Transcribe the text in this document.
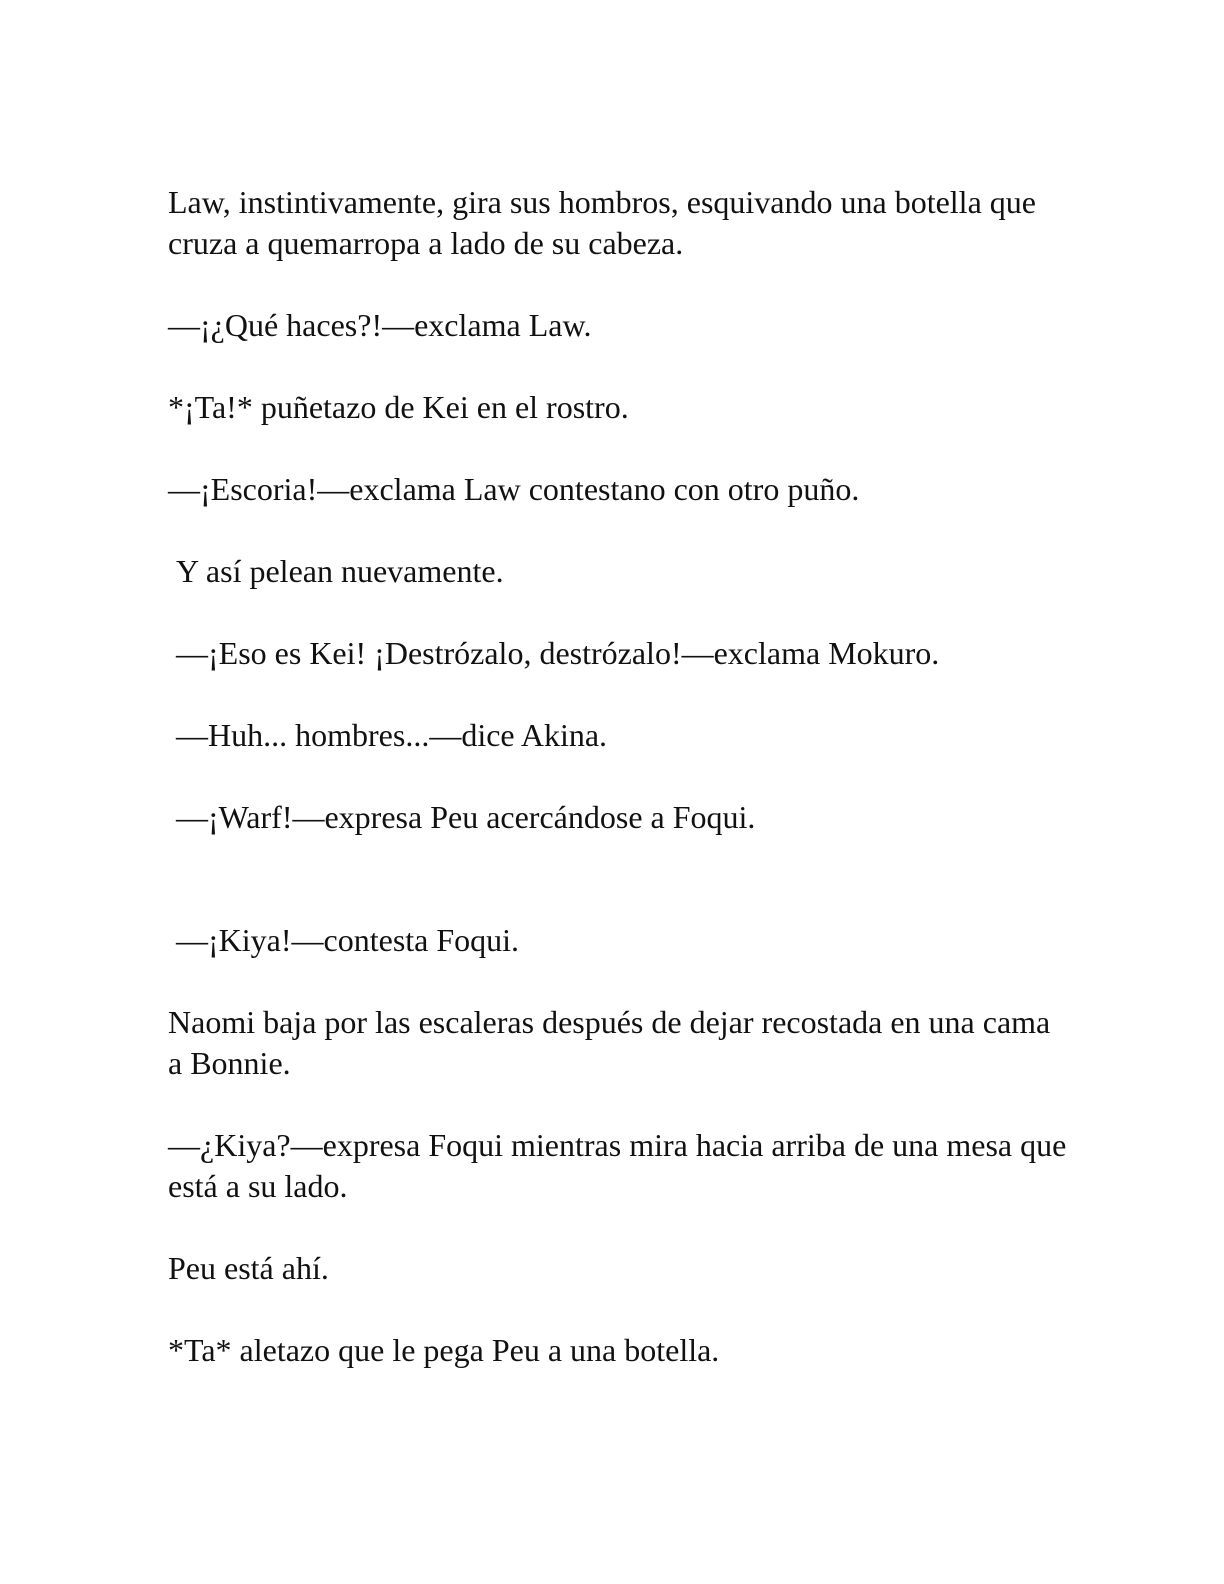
Law, instintivamente, gira sus hombros, esquivando una botella que cruza a quemarropa a lado de su cabeza.

—¡¿Qué haces?!—exclama Law.

*¡Ta!* puñetazo de Kei en el rostro.

—¡Escoria!—exclama Law contestano con otro puño.

Y así pelean nuevamente.

—¡Eso es Kei! ¡Destrózalo, destrózalo!—exclama Mokuro.

—Huh... hombres...—dice Akina.

—¡Warf!—expresa Peu acercándose a Foqui.

—¡Kiya!—contesta Foqui.

Naomi baja por las escaleras después de dejar recostada en una cama a Bonnie.

—¿Kiya?—expresa Foqui mientras mira hacia arriba de una mesa que está a su lado.

Peu está ahí.

*Ta* aletazo que le pega Peu a una botella.
